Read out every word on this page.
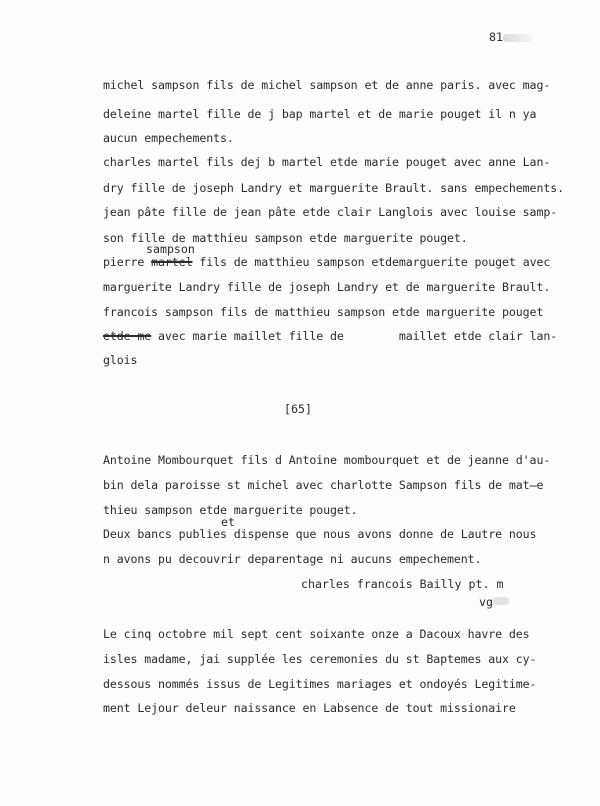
81
michel sampson fils de michel sampson et de anne paris. avec mag-
deleine martel fille de j bap martel et de marie pouget il n ya
aucun empechements.
charles martel fils dej b martel etde marie pouget avec anne Lan-
dry fille de joseph Landry et marguerite Brault. sans empechements.
jean pâte fille de jean pâte etde clair Langlois avec louise samp-
son fille de matthieu sampson etde marguerite pouget.
sampson
pierre martel fils de matthieu sampson etdemarguerite pouget avec
marguerite Landry fille de joseph Landry et de marguerite Brault.
francois sampson fils de matthieu sampson etde marguerite pouget
etde me avec marie maillet fille de        maillet etde clair lan-
glois
[65]
Antoine Mombourquet fils d Antoine mombourquet et de jeanne d'au-
bin dela paroisse st michel avec charlotte Sampson fils de mat̶e
thieu sampson etde marguerite pouget.
et
Deux bancs publies dispense que nous avons donne de Lautre nous
n avons pu decouvrir deparentage ni aucuns empechement.
charles francois Bailly pt. m
vg
Le cinq octobre mil sept cent soixante onze a Dacoux havre des
isles madame, jai supplée les ceremonies du st Baptemes aux cy-
dessous nommés issus de Legitimes mariages et ondoyés Legitime-
ment Lejour deleur naissance en Labsence de tout missionaire
